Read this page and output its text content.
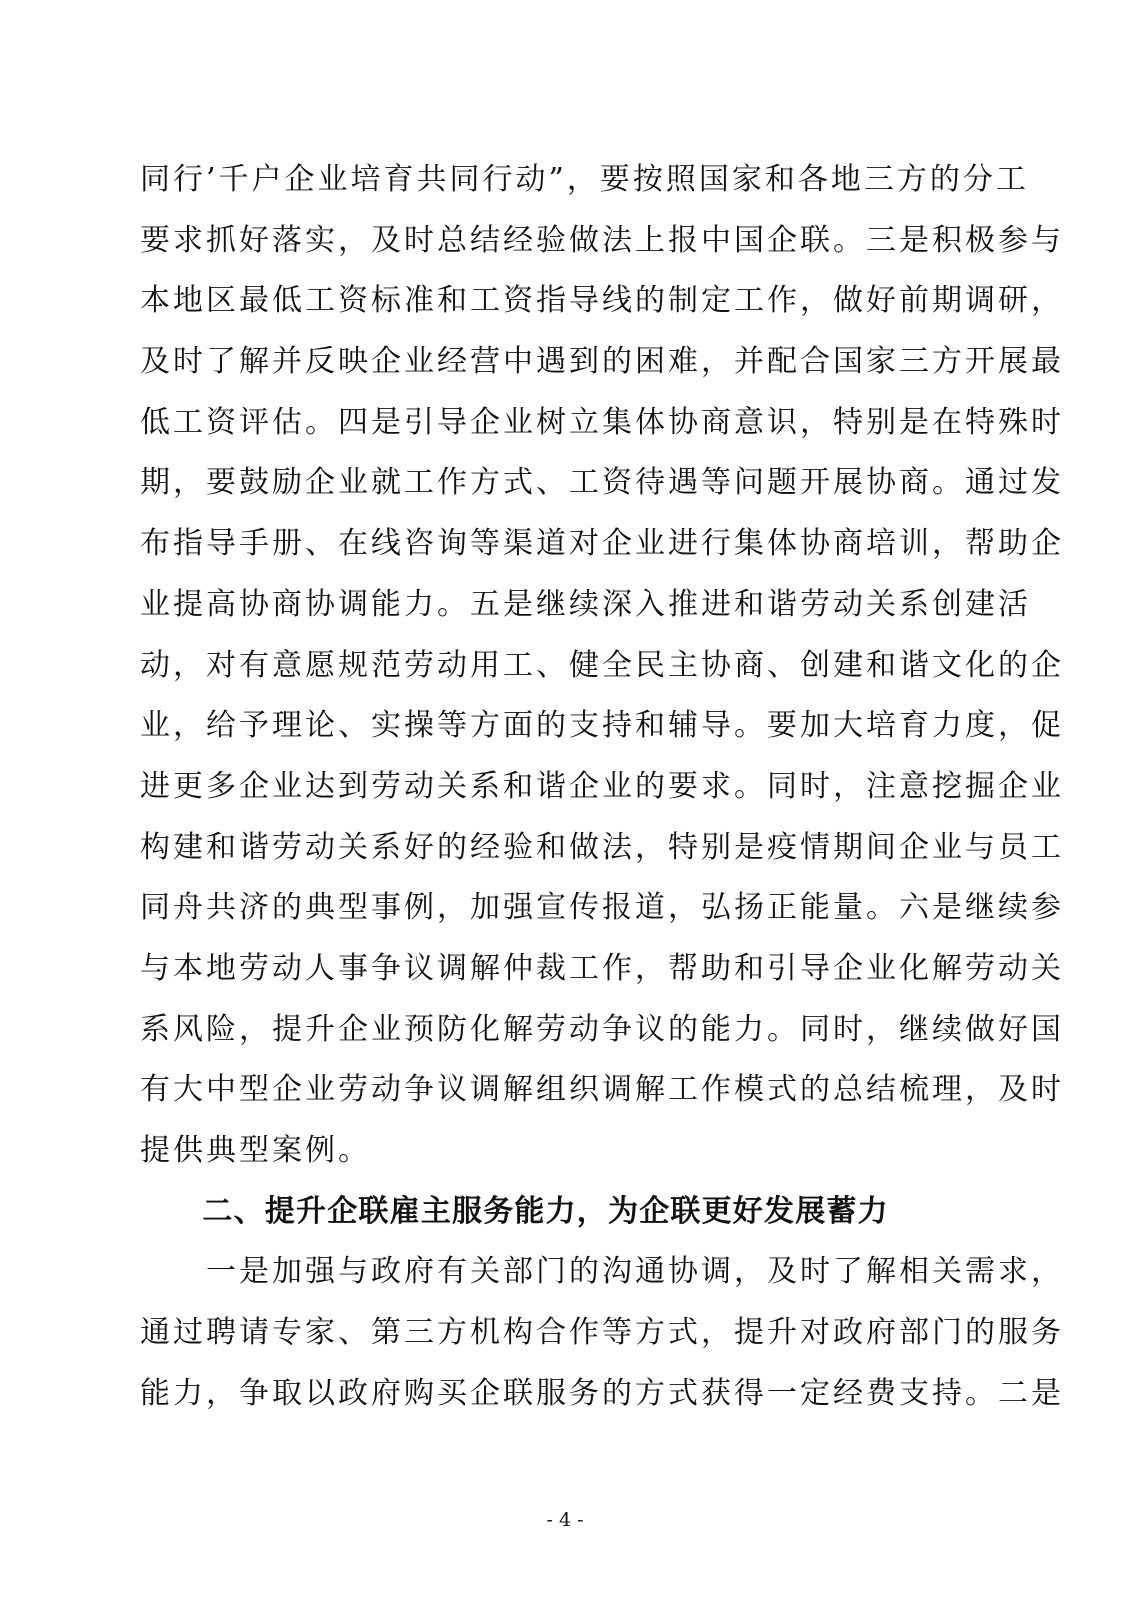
同行’千户企业培育共同行动”，要按照国家和各地三方的分工
要求抓好落实，及时总结经验做法上报中国企联。三是积极参与
本地区最低工资标准和工资指导线的制定工作，做好前期调研，
及时了解并反映企业经营中遇到的困难，并配合国家三方开展最
低工资评估。四是引导企业树立集体协商意识，特别是在特殊时
期，要鼓励企业就工作方式、工资待遇等问题开展协商。通过发
布指导手册、在线咨询等渠道对企业进行集体协商培训，帮助企
业提高协商协调能力。五是继续深入推进和谐劳动关系创建活
动，对有意愿规范劳动用工、健全民主协商、创建和谐文化的企
业，给予理论、实操等方面的支持和辅导。要加大培育力度，促
进更多企业达到劳动关系和谐企业的要求。同时，注意挖掘企业
构建和谐劳动关系好的经验和做法，特别是疫情期间企业与员工
同舟共济的典型事例，加强宣传报道，弘扬正能量。六是继续参
与本地劳动人事争议调解仲裁工作，帮助和引导企业化解劳动关
系风险，提升企业预防化解劳动争议的能力。同时，继续做好国
有大中型企业劳动争议调解组织调解工作模式的总结梳理，及时
提供典型案例。
　　二、提升企联雇主服务能力，为企联更好发展蓄力
　　一是加强与政府有关部门的沟通协调，及时了解相关需求，
通过聘请专家、第三方机构合作等方式，提升对政府部门的服务
能力，争取以政府购买企联服务的方式获得一定经费支持。二是
- 4 -
